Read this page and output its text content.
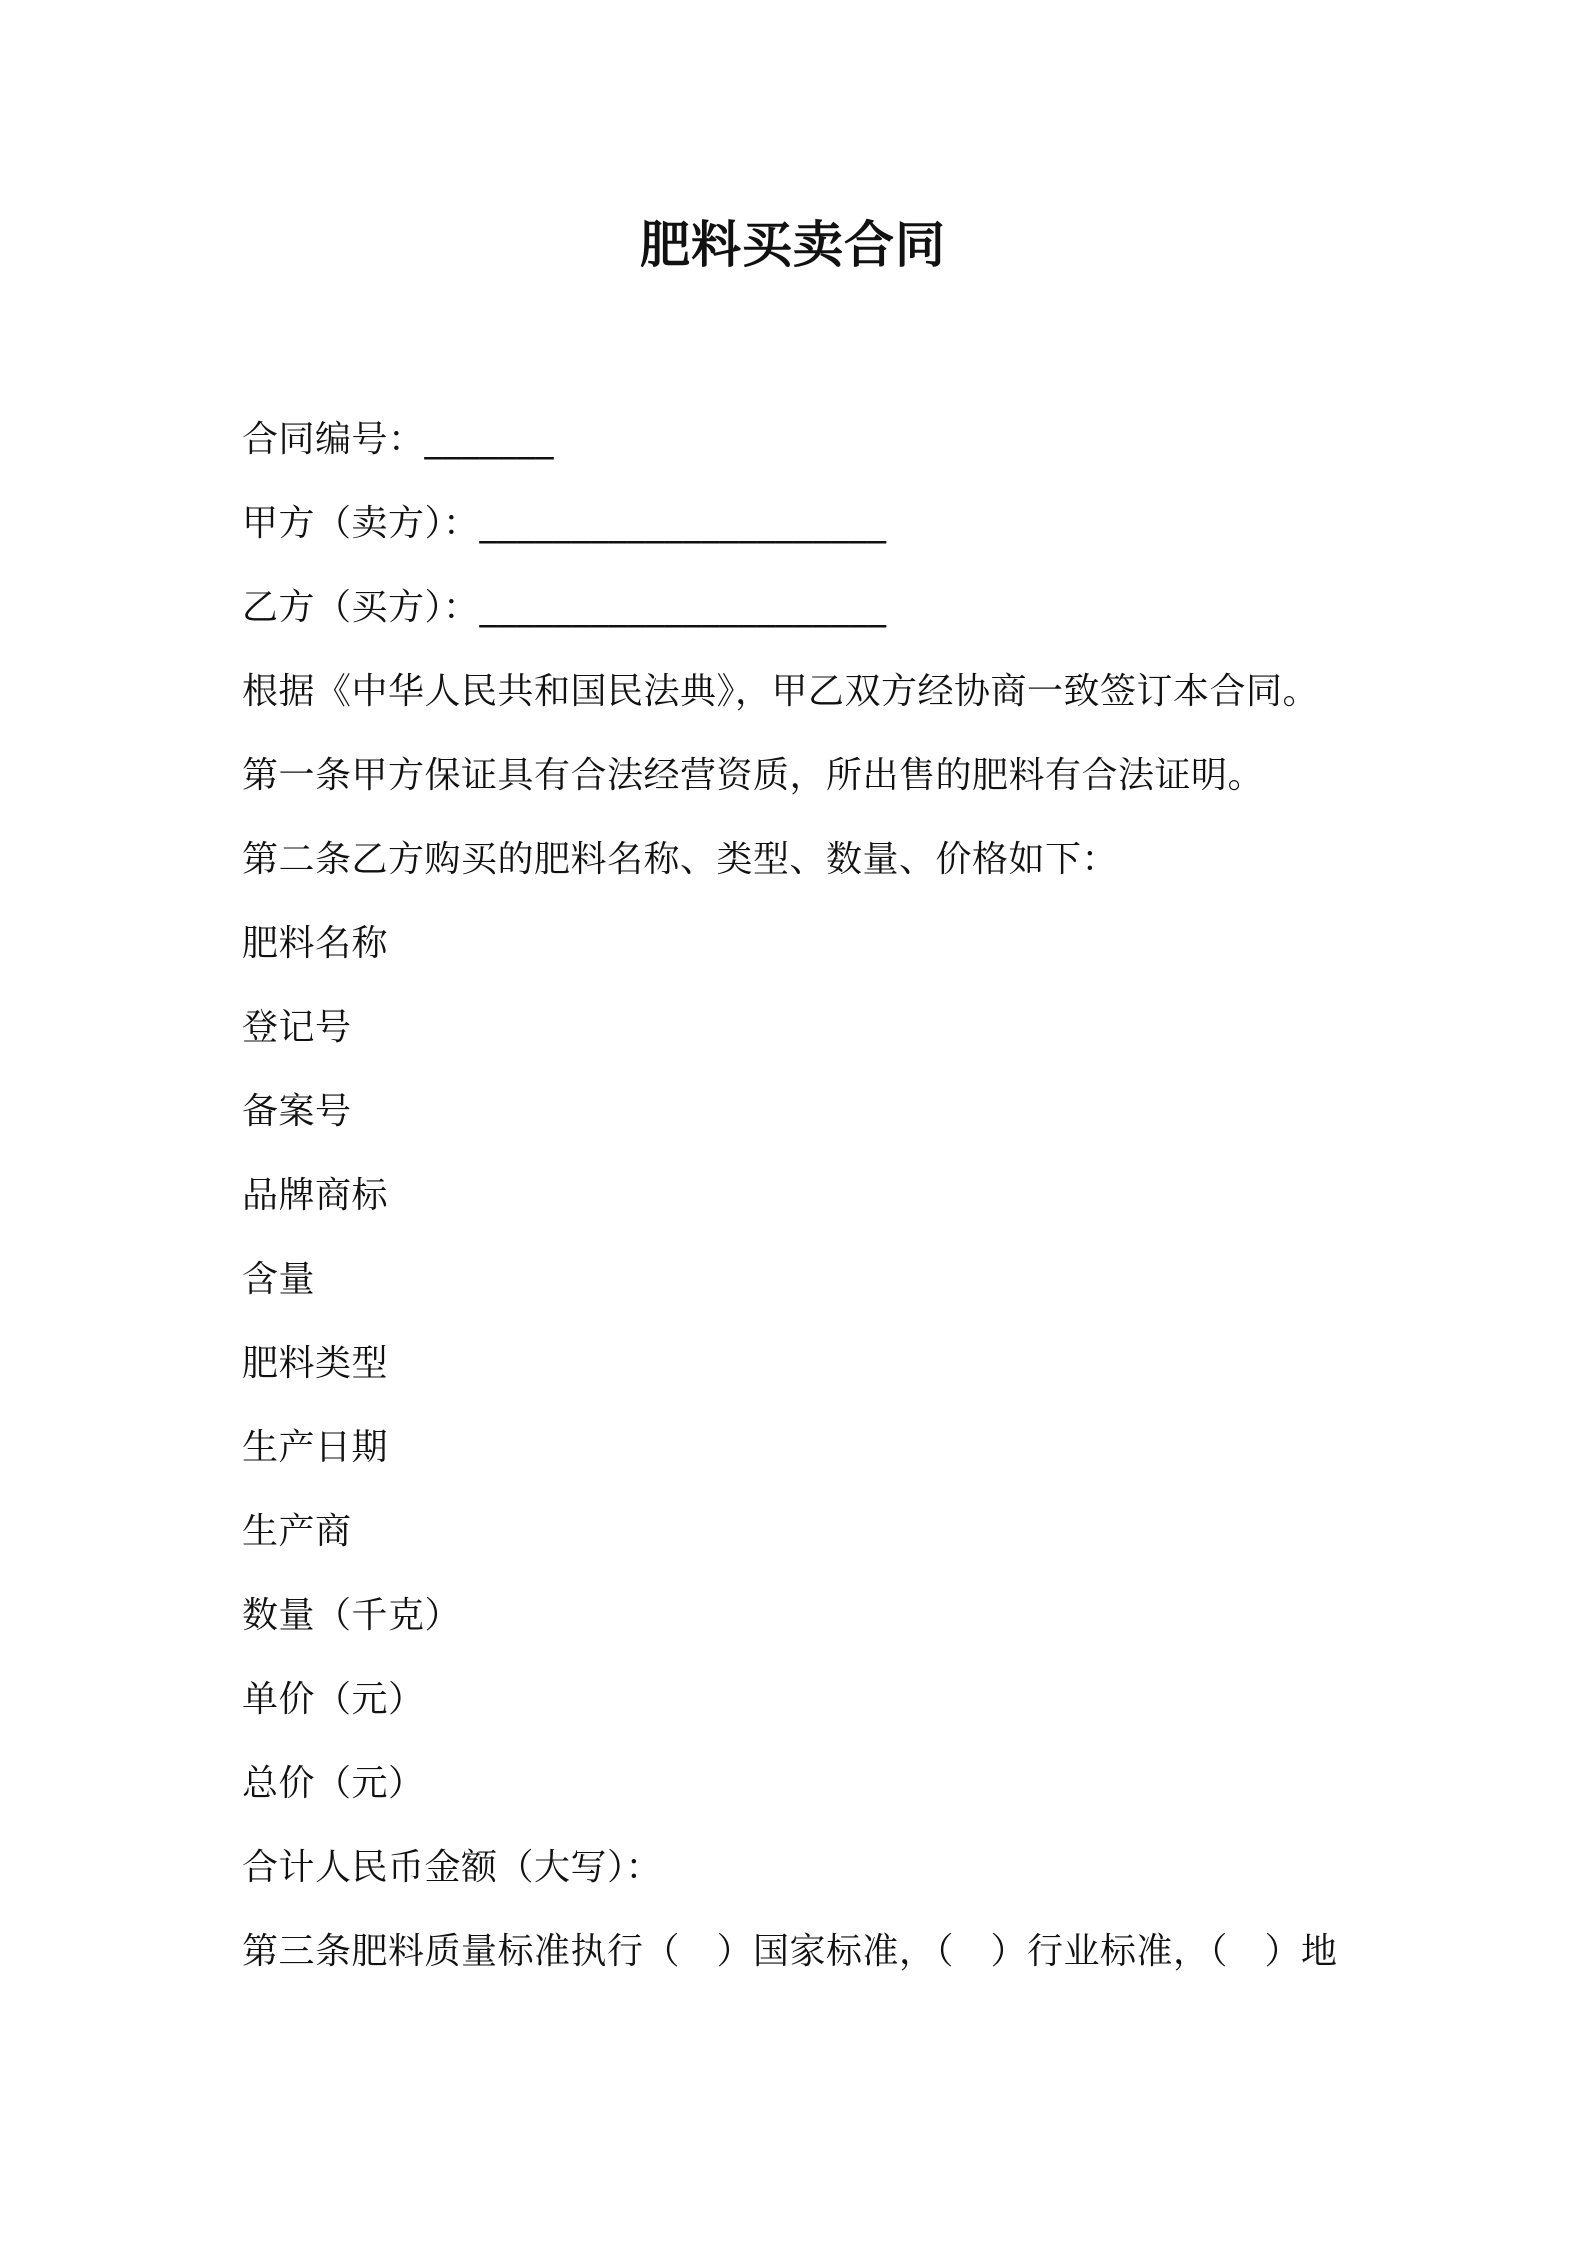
肥料买卖合同
合同编号：_______
甲方（卖方）：______________________
乙方（买方）：______________________
根据《中华人民共和国民法典》，甲乙双方经协商一致签订本合同。
第一条甲方保证具有合法经营资质，所出售的肥料有合法证明。
第二条乙方购买的肥料名称、类型、数量、价格如下：
肥料名称
登记号
备案号
品牌商标
含量
肥料类型
生产日期
生产商
数量（千克）
单价（元）
总价（元）
合计人民币金额（大写）：
第三条肥料质量标准执行（　）国家标准，（　）行业标准，（　）地
